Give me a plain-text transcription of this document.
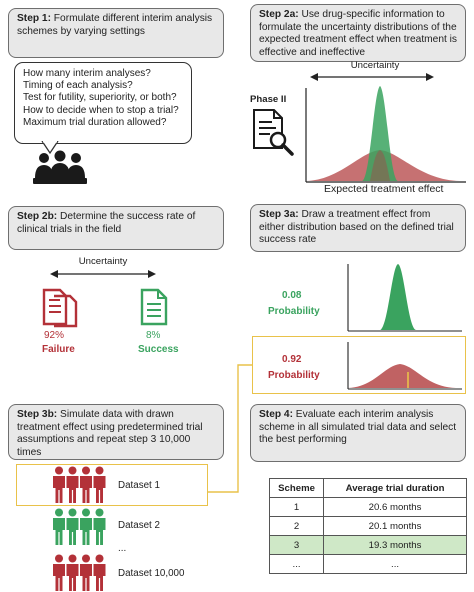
Step 1: Formulate different interim analysis schemes by varying settings
How many interim analyses?
Timing of each analysis?
Test for futility, superiority, or both?
How to decide when to stop a trial?
Maximum trial duration allowed?
Step 2a: Use drug-specific information to formulate the uncertainty distributions of the expected treatment effect when treatment is effective and ineffective
Uncertainty
Phase II
Expected treatment effect
Step 2b: Determine the success rate of clinical trials in the field
Uncertainty
92%
Failure
8%
Success
Step 3a: Draw a treatment effect from either distribution based on the defined trial success rate
0.08
Probability
0.92
Probability
Step 3b: Simulate data with drawn treatment effect using predetermined trial assumptions and repeat step 3 10,000 times
Step 4: Evaluate each interim analysis scheme in all simulated trial data and select the best performing
Dataset 1
Dataset 2
...
Dataset 10,000
Scheme	Average trial duration
1	20.6 months
2	20.1 months
3	19.3 months
...	...
